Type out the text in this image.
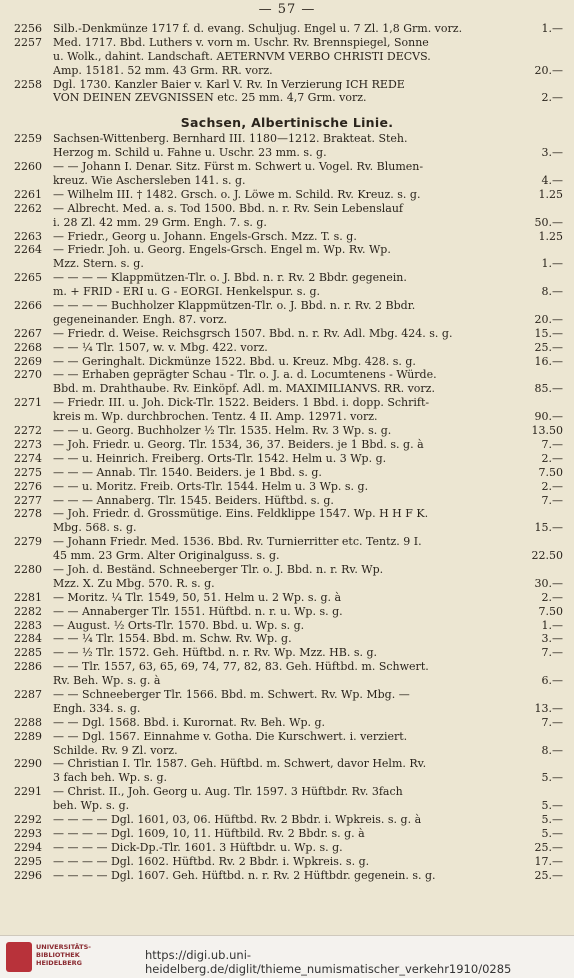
— 57 —
2256	Silb.-Denkmünze 1717 f. d. evang. Schuljug. Engel u. 7 Zl. 1,8 Grm. vorz.	1.—
2257	Med. 1717. Bbd. Luthers v. vorn m. Uschr. Rv. Brennspiegel, Sonne
u. Wolk., dahint. Landschaft. AETERNVM VERBO CHRISTI DECVS.
Amp. 15181. 52 mm. 43 Grm. RR. vorz.	20.—
2258	Dgl. 1730. Kanzler Baier v. Karl V. Rv. In Verzierung ICH REDE
VON DEINEN ZEVGNISSEN etc. 25 mm. 4,7 Grm. vorz.	2.—
Sachsen, Albertinische Linie.
2259	Sachsen-Wittenberg. Bernhard III. 1180—1212. Brakteat. Steh.
Herzog m. Schild u. Fahne u. Uschr. 23 mm. s. g.	3.—
2260	— — Johann I. Denar. Sitz. Fürst m. Schwert u. Vogel. Rv. Blumen-
kreuz. Wie Aschersleben 141. s. g.	4.—
2261	— Wilhelm III. † 1482. Grsch. o. J. Löwe m. Schild. Rv. Kreuz. s. g.	1.25
2262	— Albrecht. Med. a. s. Tod 1500. Bbd. n. r. Rv. Sein Lebenslauf
i. 28 Zl. 42 mm. 29 Grm. Engh. 7. s. g.	50.—
2263	— Friedr., Georg u. Johann. Engels-Grsch. Mzz. T. s. g.	1.25
2264	— Friedr. Joh. u. Georg. Engels-Grsch. Engel m. Wp. Rv. Wp.
Mzz. Stern. s. g.	1.—
2265	— — — — Klappmützen-Tlr. o. J. Bbd. n. r. Rv. 2 Bbdr. gegenein.
m. + FRID - ERI u. G - EORGI. Henkelspur. s. g.	8.—
2266	— — — — Buchholzer Klappmützen-Tlr. o. J. Bbd. n. r. Rv. 2 Bbdr.
gegeneinander. Engh. 87. vorz.	20.—
2267	— Friedr. d. Weise. Reichsgrsch 1507. Bbd. n. r. Rv. Adl. Mbg. 424. s. g.	15.—
2268	— — ¼ Tlr. 1507, w. v. Mbg. 422. vorz.	25.—
2269	— — Geringhalt. Dickmünze 1522. Bbd. u. Kreuz. Mbg. 428. s. g.	16.—
2270	— — Erhaben geprägter Schau - Tlr. o. J. a. d. Locumtenens - Würde.
Bbd. m. Drahthaube. Rv. Einköpf. Adl. m. MAXIMILIANVS. RR. vorz.	85.—
2271	— Friedr. III. u. Joh. Dick-Tlr. 1522. Beiders. 1 Bbd. i. dopp. Schrift-
kreis m. Wp. durchbrochen. Tentz. 4 II. Amp. 12971. vorz.	90.—
2272	— — u. Georg. Buchholzer ½ Tlr. 1535. Helm. Rv. 3 Wp. s. g.	13.50
2273	— Joh. Friedr. u. Georg. Tlr. 1534, 36, 37. Beiders. je 1 Bbd. s. g. à	7.—
2274	— — u. Heinrich. Freiberg. Orts-Tlr. 1542. Helm u. 3 Wp. g.	2.—
2275	— — — Annab. Tlr. 1540. Beiders. je 1 Bbd. s. g.	7.50
2276	— — u. Moritz. Freib. Orts-Tlr. 1544. Helm u. 3 Wp. s. g.	2.—
2277	— — — Annaberg. Tlr. 1545. Beiders. Hüftbd. s. g.	7.—
2278	— Joh. Friedr. d. Grossmütige. Eins. Feldklippe 1547. Wp. H H F K.
Mbg. 568. s. g.	15.—
2279	— Johann Friedr. Med. 1536. Bbd. Rv. Turnierritter etc. Tentz. 9 I.
45 mm. 23 Grm. Alter Originalguss. s. g.	22.50
2280	— Joh. d. Beständ. Schneeberger Tlr. o. J. Bbd. n. r. Rv. Wp.
Mzz. X. Zu Mbg. 570. R. s. g.	30.—
2281	— Moritz. ¼ Tlr. 1549, 50, 51. Helm u. 2 Wp. s. g. à	2.—
2282	— — Annaberger Tlr. 1551. Hüftbd. n. r. u. Wp. s. g.	7.50
2283	— August. ½ Orts-Tlr. 1570. Bbd. u. Wp. s. g.	1.—
2284	— — ¼ Tlr. 1554. Bbd. m. Schw. Rv. Wp. g.	3.—
2285	— — ½ Tlr. 1572. Geh. Hüftbd. n. r. Rv. Wp. Mzz. HB. s. g.	7.—
2286	— — Tlr. 1557, 63, 65, 69, 74, 77, 82, 83. Geh. Hüftbd. m. Schwert.
Rv. Beh. Wp. s. g. à	6.—
2287	— — Schneeberger Tlr. 1566. Bbd. m. Schwert. Rv. Wp. Mbg. —
Engh. 334. s. g.	13.—
2288	— — Dgl. 1568. Bbd. i. Kurornat. Rv. Beh. Wp. g.	7.—
2289	— — Dgl. 1567. Einnahme v. Gotha. Die Kurschwert. i. verziert.
Schilde. Rv. 9 Zl. vorz.	8.—
2290	— Christian I. Tlr. 1587. Geh. Hüftbd. m. Schwert, davor Helm. Rv.
3 fach beh. Wp. s. g.	5.—
2291	— Christ. II., Joh. Georg u. Aug. Tlr. 1597. 3 Hüftbdr. Rv. 3fach
beh. Wp. s. g.	5.—
2292	— — — — Dgl. 1601, 03, 06. Hüftbd. Rv. 2 Bbdr. i. Wpkreis. s. g. à	5.—
2293	— — — — Dgl. 1609, 10, 11. Hüftbild. Rv. 2 Bbdr. s. g. à	5.—
2294	— — — — Dick-Dp.-Tlr. 1601. 3 Hüftbdr. u. Wp. s. g.	25.—
2295	— — — — Dgl. 1602. Hüftbd. Rv. 2 Bbdr. i. Wpkreis. s. g.	17.—
2296	— — — — Dgl. 1607. Geh. Hüftbd. n. r. Rv. 2 Hüftbdr. gegenein. s. g.	25.—
UNIVERSITÄTS-BIBLIOTHEK HEIDELBERG
https://digi.ub.uni-heidelberg.de/diglit/thieme_numismatischer_verkehr1910/0285
